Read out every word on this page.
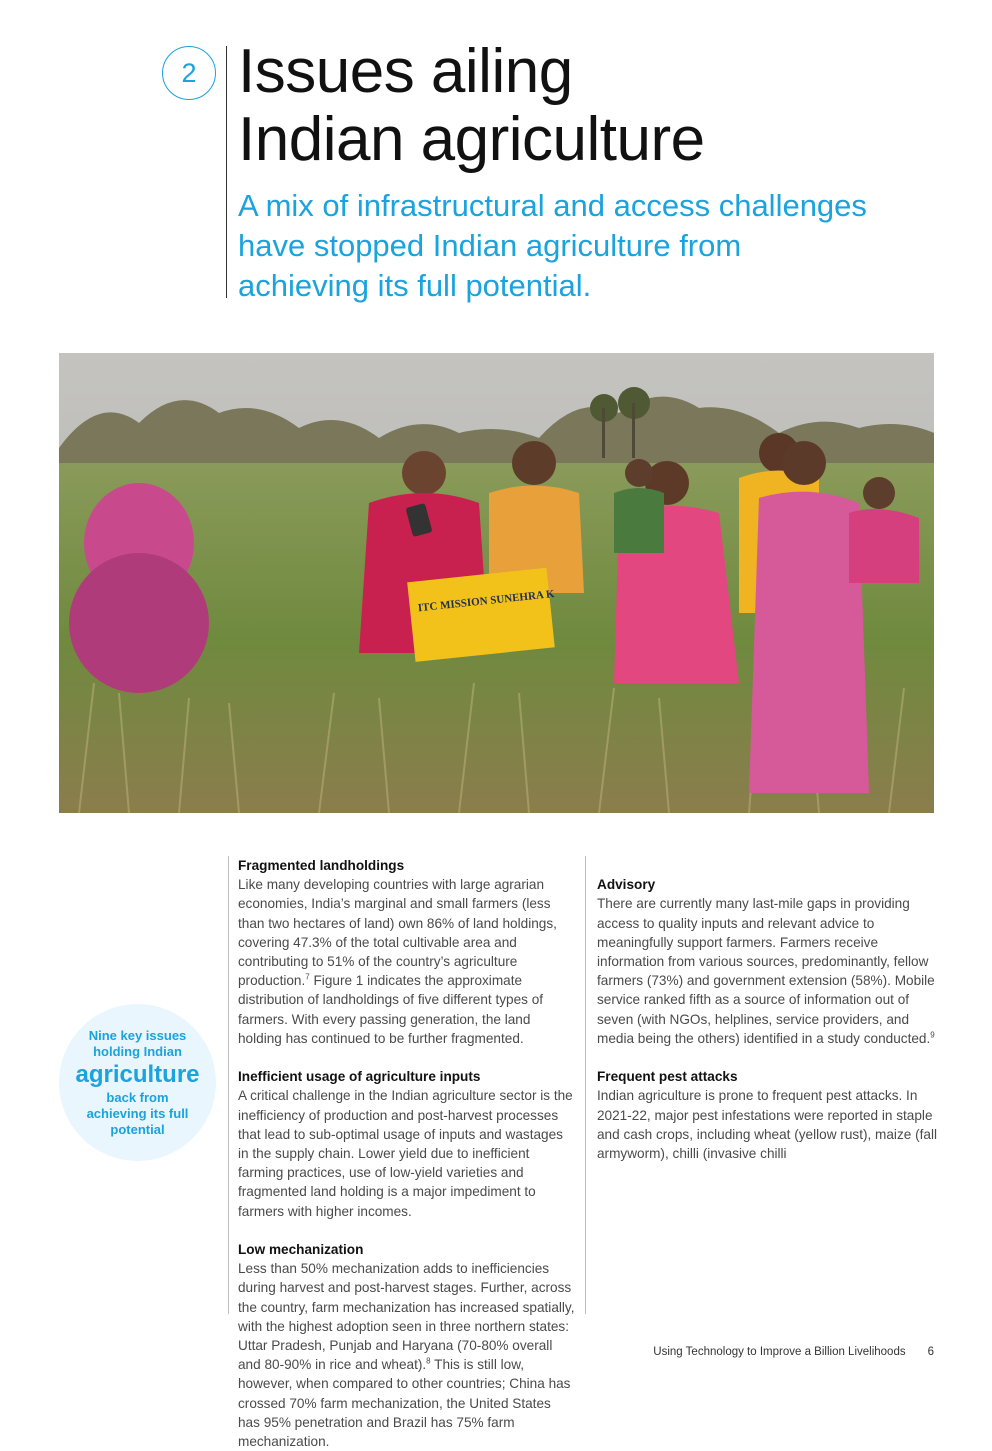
2 Issues ailing
Indian agriculture
A mix of infrastructural and access challenges have stopped Indian agriculture from achieving its full potential.
ITC MISSION SUNEHRA K
Nine key issues
holding Indian
agriculture
back from
achieving its full
potential
Fragmented landholdings

Like many developing countries with large agrarian economies, India’s marginal and small farmers (less than two hectares of land) own 86% of land holdings, covering 47.3% of the total cultivable area and contributing to 51% of the country’s agriculture production.$^7$ Figure 1 indicates the approximate distribution of landholdings of five different types of farmers. With every passing generation, the land holding has continued to be further fragmented.

Inefficient usage of agriculture inputs

A critical challenge in the Indian agriculture sector is the inefficiency of production and post-harvest processes that lead to sub-optimal usage of inputs and wastages in the supply chain. Lower yield due to inefficient farming practices, use of low-yield varieties and fragmented land holding is a major impediment to farmers with higher incomes.

Low mechanization

Less than 50% mechanization adds to inefficiencies during harvest and post-harvest stages. Further, across the country, farm mechanization has increased spatially, with the highest adoption seen in three northern states: Uttar Pradesh, Punjab and Haryana (70-80% overall and 80-90% in rice and wheat).$^8$ This is still low, however, when compared to other countries; China has crossed 70% farm mechanization, the United States has 95% penetration and Brazil has 75% farm mechanization.

Advisory

There are currently many last-mile gaps in providing access to quality inputs and relevant advice to meaningfully support farmers. Farmers receive information from various sources, predominantly, fellow farmers (73%) and government extension (58%). Mobile service ranked fifth as a source of information out of seven (with NGOs, helplines, service providers, and media being the others) identified in a study conducted.$^9$

Frequent pest attacks

Indian agriculture is prone to frequent pest attacks. In 2021-22, major pest infestations were reported in staple and cash crops, including wheat (yellow rust), maize (fall armyworm), chilli (invasive chilli

Using Technology to Improve a Billion Livelihoods 6
